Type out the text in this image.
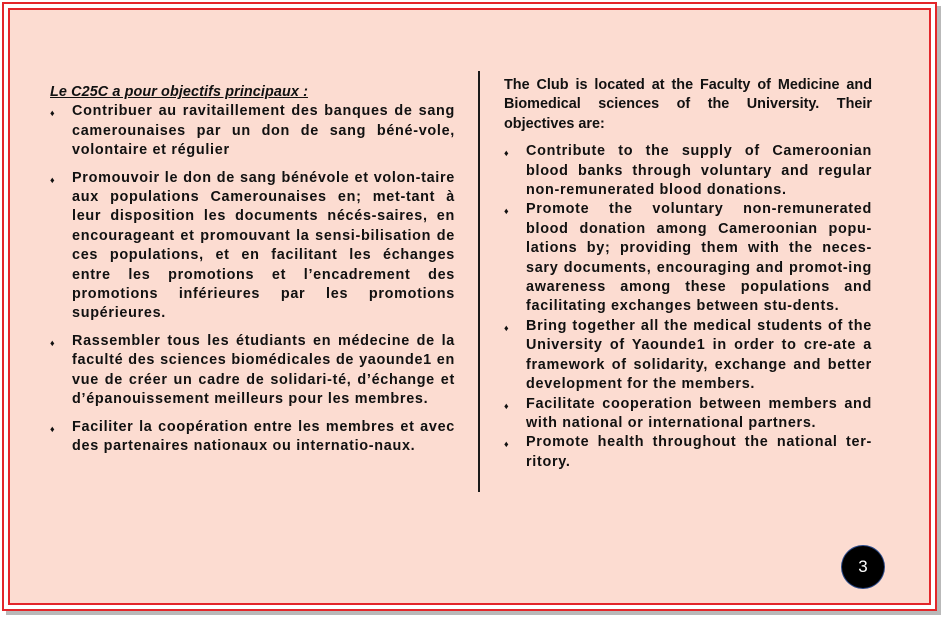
Le C25C a pour objectifs principaux :
♦	Contribuer au ravitaillement des banques de sang camerounaises par un don de sang béné-vole, volontaire et régulier
♦	Promouvoir le don de sang bénévole et volon-taire aux populations Camerounaises en; met-tant à leur disposition les documents nécés-saires, en encourageant et promouvant la sensi-bilisation de ces populations, et en facilitant les échanges entre les promotions et l’encadrement des promotions inférieures par les promotions supérieures.
♦	Rassembler tous les étudiants en médecine de la faculté des sciences biomédicales de yaounde1 en vue de créer un cadre de solidari-té, d’échange et d’épanouissement meilleurs pour les membres.
♦	Faciliter la coopération entre les membres et avec des partenaires nationaux ou internatio-naux.
The Club is located at the Faculty of Medicine and Biomedical sciences of the University. Their objectives are:
♦	Contribute to the supply of Cameroonian blood banks through voluntary and regular non-remunerated blood donations.
♦	Promote the voluntary non-remunerated blood donation among Cameroonian popu-lations by; providing them with the neces-sary documents, encouraging and promot-ing awareness among these populations and facilitating exchanges between stu-dents.
♦	Bring together all the medical students of the University of Yaounde1 in order to cre-ate a framework of solidarity, exchange and better development for the members.
♦	Facilitate cooperation between members and with national or international partners.
♦	Promote health throughout the national ter-ritory.
3
